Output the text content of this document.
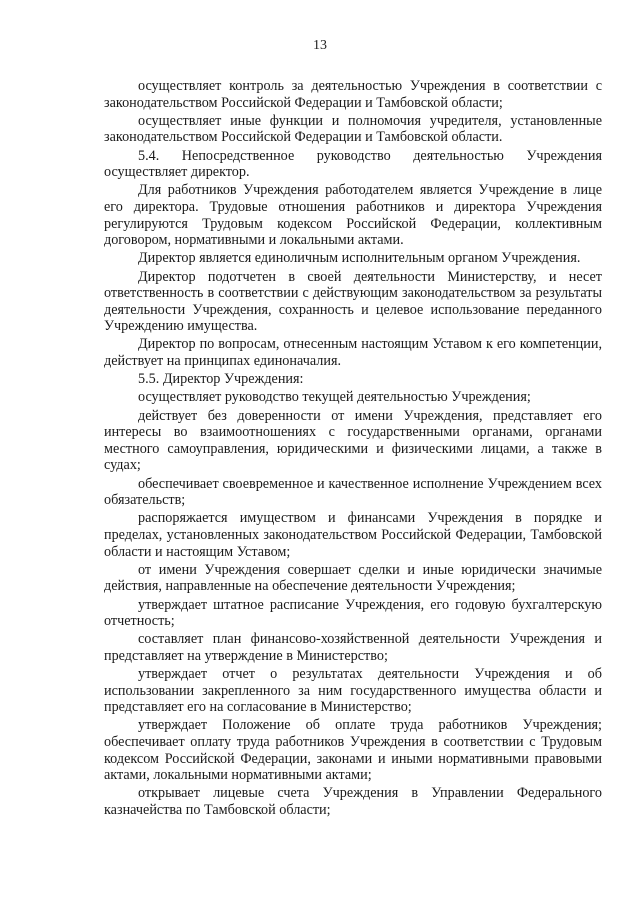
13

осуществляет контроль за деятельностью Учреждения в соответствии с законодательством Российской Федерации и Тамбовской области;

осуществляет иные функции и полномочия учредителя, установленные законодательством Российской Федерации и Тамбовской области.

5.4. Непосредственное руководство деятельностью Учреждения осуществляет директор.

Для работников Учреждения работодателем является Учреждение в лице его директора. Трудовые отношения работников и директора Учреждения регулируются Трудовым кодексом Российской Федерации, коллективным договором, нормативными и локальными актами.

Директор является единоличным исполнительным органом Учреждения.

Директор подотчетен в своей деятельности Министерству, и несет ответственность в соответствии с действующим законодательством за результаты деятельности Учреждения, сохранность и целевое использование переданного Учреждению имущества.

Директор по вопросам, отнесенным настоящим Уставом к его компетенции, действует на принципах единоначалия.

5.5. Директор Учреждения:

осуществляет руководство текущей деятельностью Учреждения;

действует без доверенности от имени Учреждения, представляет его интересы во взаимоотношениях с государственными органами, органами местного самоуправления, юридическими и физическими лицами, а также в судах;

обеспечивает своевременное и качественное исполнение Учреждением всех обязательств;

распоряжается имуществом и финансами Учреждения в порядке и пределах, установленных законодательством Российской Федерации, Тамбовской области и настоящим Уставом;

от имени Учреждения совершает сделки и иные юридически значимые действия, направленные на обеспечение деятельности Учреждения;

утверждает штатное расписание Учреждения, его годовую бухгалтерскую отчетность;

составляет план финансово-хозяйственной деятельности Учреждения и представляет на утверждение в Министерство;

утверждает отчет о результатах деятельности Учреждения и об использовании закрепленного за ним государственного имущества области и представляет его на согласование в Министерство;

утверждает Положение об оплате труда работников Учреждения; обеспечивает оплату труда работников Учреждения в соответствии с Трудовым кодексом Российской Федерации, законами и иными нормативными правовыми актами, локальными нормативными актами;

открывает лицевые счета Учреждения в Управлении Федерального казначейства по Тамбовской области;
